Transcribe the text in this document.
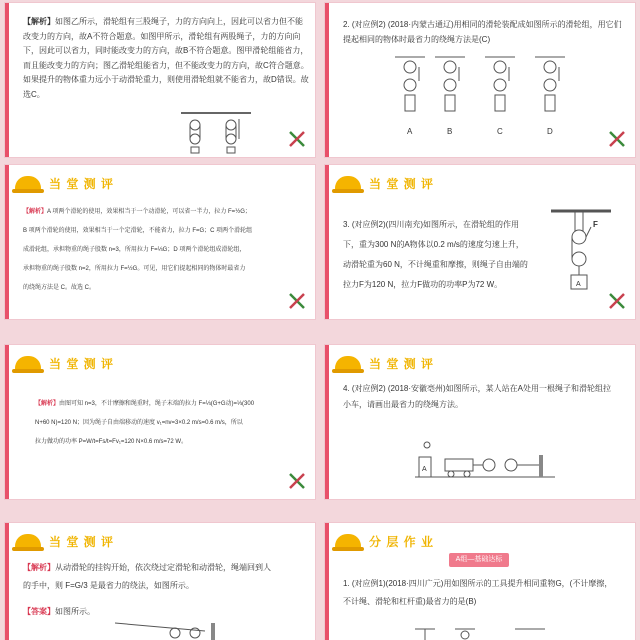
【解析】如图乙所示，滑轮组有三股绳子，力的方向向上，因此可以省力但不能改变力的方向，故A不符合题意。如图甲所示，滑轮组有两股绳子，力的方向向下，因此可以省力，同时能改变力的方向，故B不符合题意。图甲滑轮组能省力，而且能改变力的方向；图乙滑轮组能省力，但不能改变力的方向，故C符合题意。如果提升的物体重力远小于动滑轮重力，则使用滑轮组就不能省力，故D错误。故选C。
2. (对应例2) (2018·内蒙古通辽)用相同的滑轮装配成如图所示的滑轮组，用它们提起相同的物体时最省力的绕绳方法是(C)
A	B	C	D
当 堂 测 评
【解析】A 项两个滑轮的使用，效果相当于一个动滑轮，可以省一半力，拉力 F=½G；
B 项两个滑轮的使用，效果相当于一个定滑轮，不能省力，拉力 F=G；C 项两个滑轮组
成滑轮组，承担物重的绳子股数 n=3，所用拉力 F=⅓G；D 项两个滑轮组成滑轮组，
承担物重的绳子股数 n=2，所用拉力 F=½G。可见，用它们提起相同的物体时最省力
的绕绳方法是 C。故选 C。
当 堂 测 评
3. (对应例2)(四川南充)如图所示，在滑轮组的作用
下，重为300 N的A物体以0.2 m/s的速度匀速上升，
动滑轮重为60 N，不计绳重和摩擦，则绳子自由端的
拉力F为120 N，拉力F做功的功率P为72 W。
F
A
当 堂 测 评
【解析】由图可知 n=3，不计摩擦和绳重时，绳子末端的拉力 F=⅓(G+G动)=⅓(300
N+60 N)=120 N；因为绳子自由端移动的速度 v₁=nv=3×0.2 m/s=0.6 m/s，所以
拉力做功的功率 P=W/t=Fs/t=Fv₁=120 N×0.6 m/s=72 W。
当 堂 测 评
4. (对应例2) (2018·安徽亳州)如图所示，某人站在A处用一根绳子和滑轮组拉
小车，请画出最省力的绕绳方法。
A
当 堂 测 评
【解析】从动滑轮的挂钩开始，依次绕过定滑轮和动滑轮，绳端回到人
的手中，则 F=G/3 是最省力的绕法，如图所示。
【答案】如图所示。
分 层 作 业
A组—基础达标
1. (对应例1)(2018·四川广元)用如图所示的工具提升相同重物G，(不计摩擦，
不计绳、滑轮和杠杆重)最省力的是(B)
